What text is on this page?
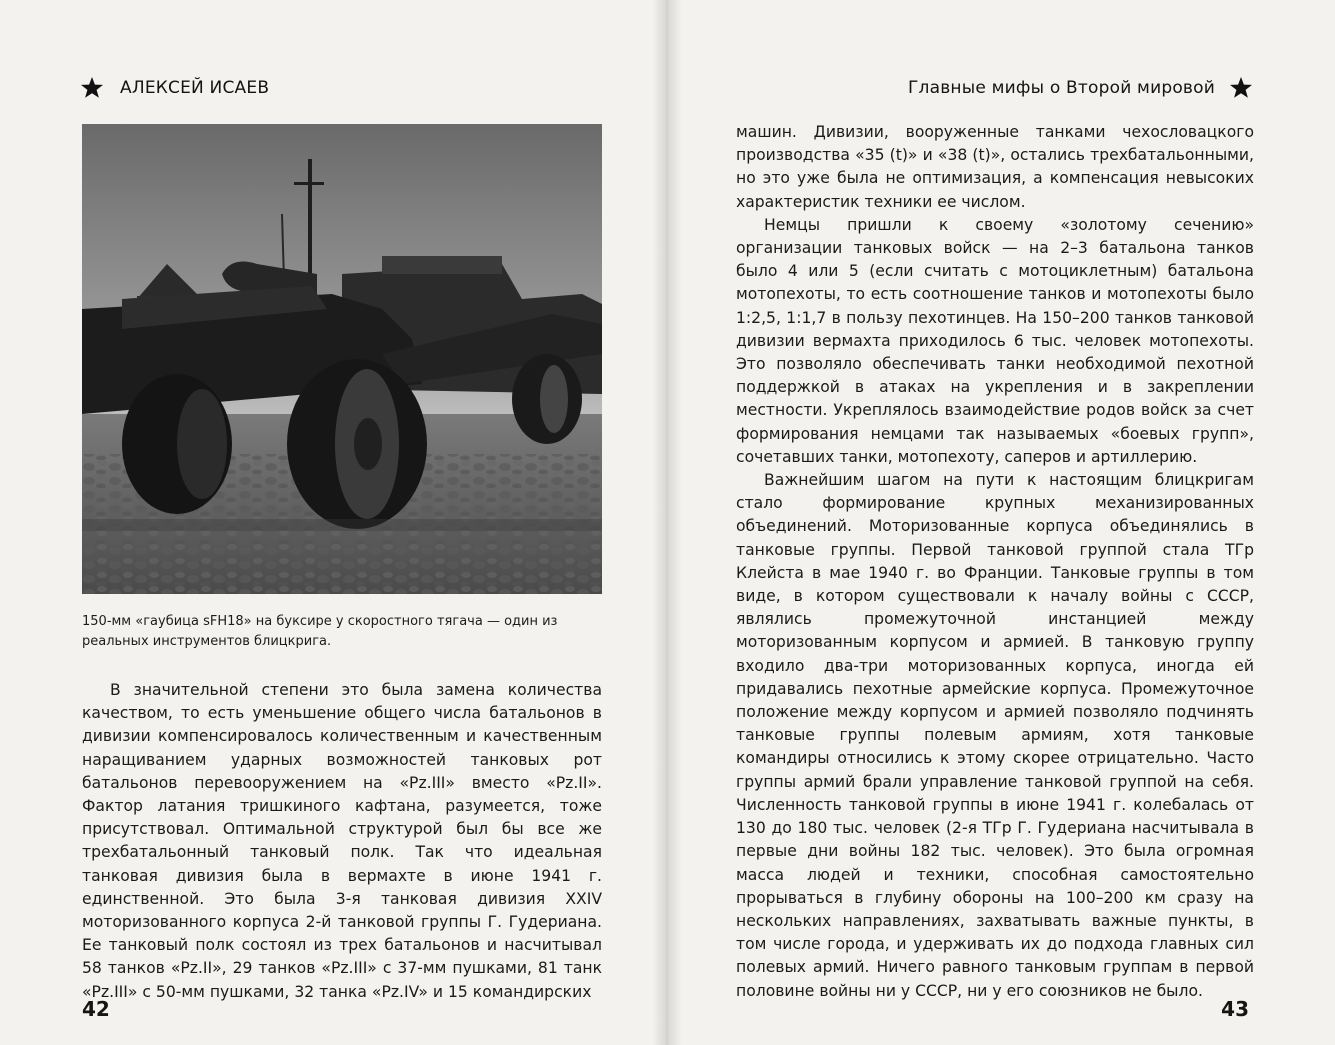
АЛЕКСЕЙ ИСАЕВ
150-мм «гаубица sFH18» на буксире у скоростного тягача — один из реальных инструментов блицкрига.

В значительной степени это была замена количества качеством, то есть уменьшение общего числа батальонов в дивизии компенсировалось количественным и качественным наращиванием ударных возможностей танковых рот батальонов перевооружением на «Pz.III» вместо «Pz.II». Фактор латания тришкиного кафтана, разумеется, тоже присутствовал. Оптимальной структурой был бы все же трехбатальонный танковый полк. Так что идеальная танковая дивизия была в вермахте в июне 1941 г. единственной. Это была 3-я танковая дивизия XXIV моторизованного корпуса 2-й танковой группы Г. Гудериана. Ее танковый полк состоял из трех батальонов и насчитывал 58 танков «Pz.II», 29 танков «Pz.III» с 37-мм пушками, 81 танк «Pz.III» с 50-мм пушками, 32 танка «Pz.IV» и 15 командирских

42
Главные мифы о Второй мировой

машин. Дивизии, вооруженные танками чехословацкого производства «35 (t)» и «38 (t)», остались трехбатальонными, но это уже была не оптимизация, а компенсация невысоких характеристик техники ее числом.

Немцы пришли к своему «золотому сечению» организации танковых войск — на 2–3 батальона танков было 4 или 5 (если считать с мотоциклетным) батальона мотопехоты, то есть соотношение танков и мотопехоты было 1:2,5, 1:1,7 в пользу пехотинцев. На 150–200 танков танковой дивизии вермахта приходилось 6 тыс. человек мотопехоты. Это позволяло обеспечивать танки необходимой пехотной поддержкой в атаках на укрепления и в закреплении местности. Укреплялось взаимодействие родов войск за счет формирования немцами так называемых «боевых групп», сочетавших танки, мотопехоту, саперов и артиллерию.

Важнейшим шагом на пути к настоящим блицкригам стало формирование крупных механизированных объединений. Моторизованные корпуса объединялись в танковые группы. Первой танковой группой стала ТГр Клейста в мае 1940 г. во Франции. Танковые группы в том виде, в котором существовали к началу войны с СССР, являлись промежуточной инстанцией между моторизованным корпусом и армией. В танковую группу входило два-три моторизованных корпуса, иногда ей придавались пехотные армейские корпуса. Промежуточное положение между корпусом и армией позволяло подчинять танковые группы полевым армиям, хотя танковые командиры относились к этому скорее отрицательно. Часто группы армий брали управление танковой группой на себя. Численность танковой группы в июне 1941 г. колебалась от 130 до 180 тыс. человек (2-я ТГр Г. Гудериана насчитывала в первые дни войны 182 тыс. человек). Это была огромная масса людей и техники, способная самостоятельно прорываться в глубину обороны на 100–200 км сразу на нескольких направлениях, захватывать важные пункты, в том числе города, и удерживать их до подхода главных сил полевых армий. Ничего равного танковым группам в первой половине войны ни у СССР, ни у его союзников не было.

43
